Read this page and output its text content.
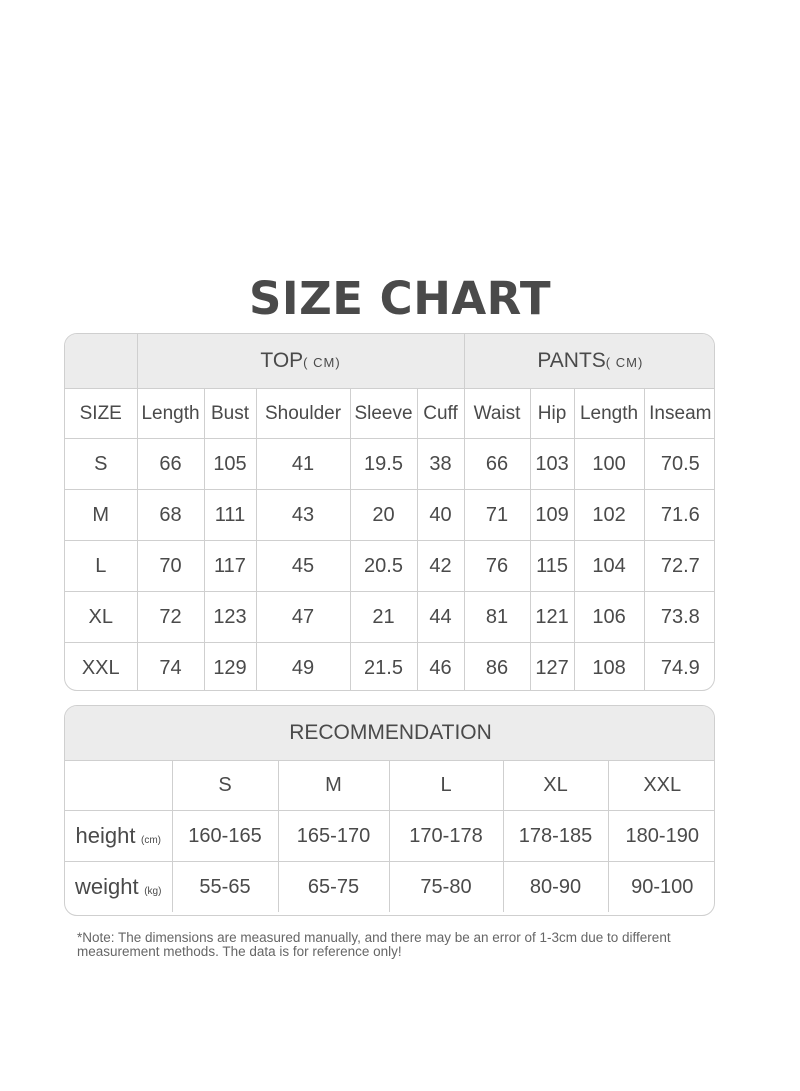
SIZE CHART
	TOP( CM)					PANTS( CM)			
SIZE	Length	Bust	Shoulder	Sleeve	Cuff	Waist	Hip	Length	Inseam
S	66	105	41	19.5	38	66	103	100	70.5
M	68	111	43	20	40	71	109	102	71.6
L	70	117	45	20.5	42	76	115	104	72.7
XL	72	123	47	21	44	81	121	106	73.8
XXL	74	129	49	21.5	46	86	127	108	74.9
RECOMMENDATION					
	S	M	L	XL	XXL
height (cm)	160-165	165-170	170-178	178-185	180-190
weight (kg)	55-65	65-75	75-80	80-90	90-100
*Note: The dimensions are measured manually, and there may be an error of 1-3cm due to different measurement methods. The data is for reference only!
